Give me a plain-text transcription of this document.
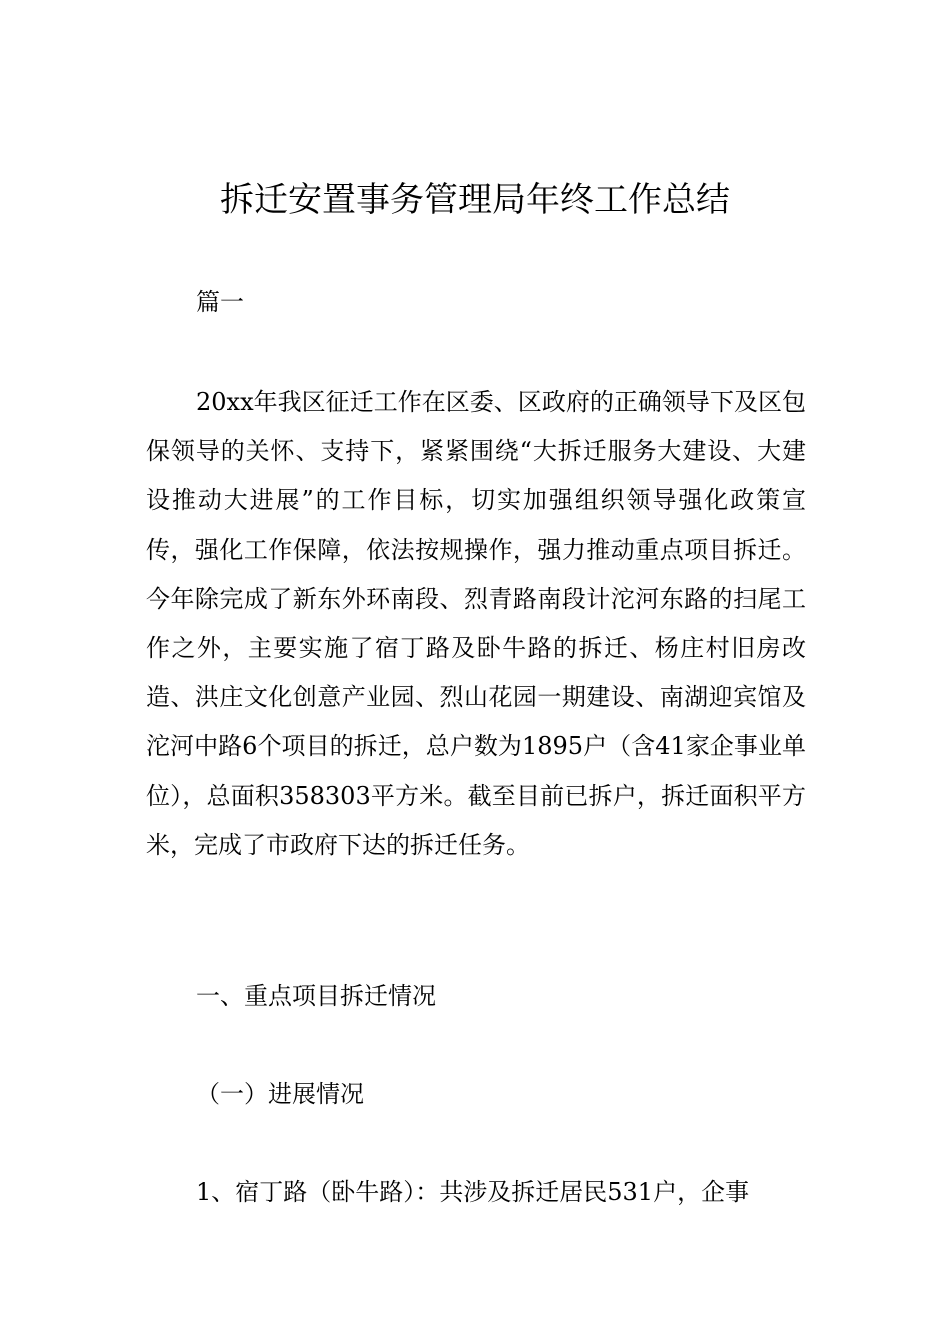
拆迁安置事务管理局年终工作总结

篇一

20xx年我区征迁工作在区委、区政府的正确领导下及区包保领导的关怀、支持下，紧紧围绕“大拆迁服务大建设、大建设推动大进展”的工作目标，切实加强组织领导强化政策宣传，强化工作保障，依法按规操作，强力推动重点项目拆迁。今年除完成了新东外环南段、烈青路南段计沱河东路的扫尾工作之外，主要实施了宿丁路及卧牛路的拆迁、杨庄村旧房改造、洪庄文化创意产业园、烈山花园一期建设、南湖迎宾馆及沱河中路6个项目的拆迁，总户数为1895户（含41家企事业单位），总面积358303平方米。截至目前已拆户，拆迁面积平方米，完成了市政府下达的拆迁任务。

一、重点项目拆迁情况

（一）进展情况

1、宿丁路（卧牛路）：共涉及拆迁居民531户，企事
